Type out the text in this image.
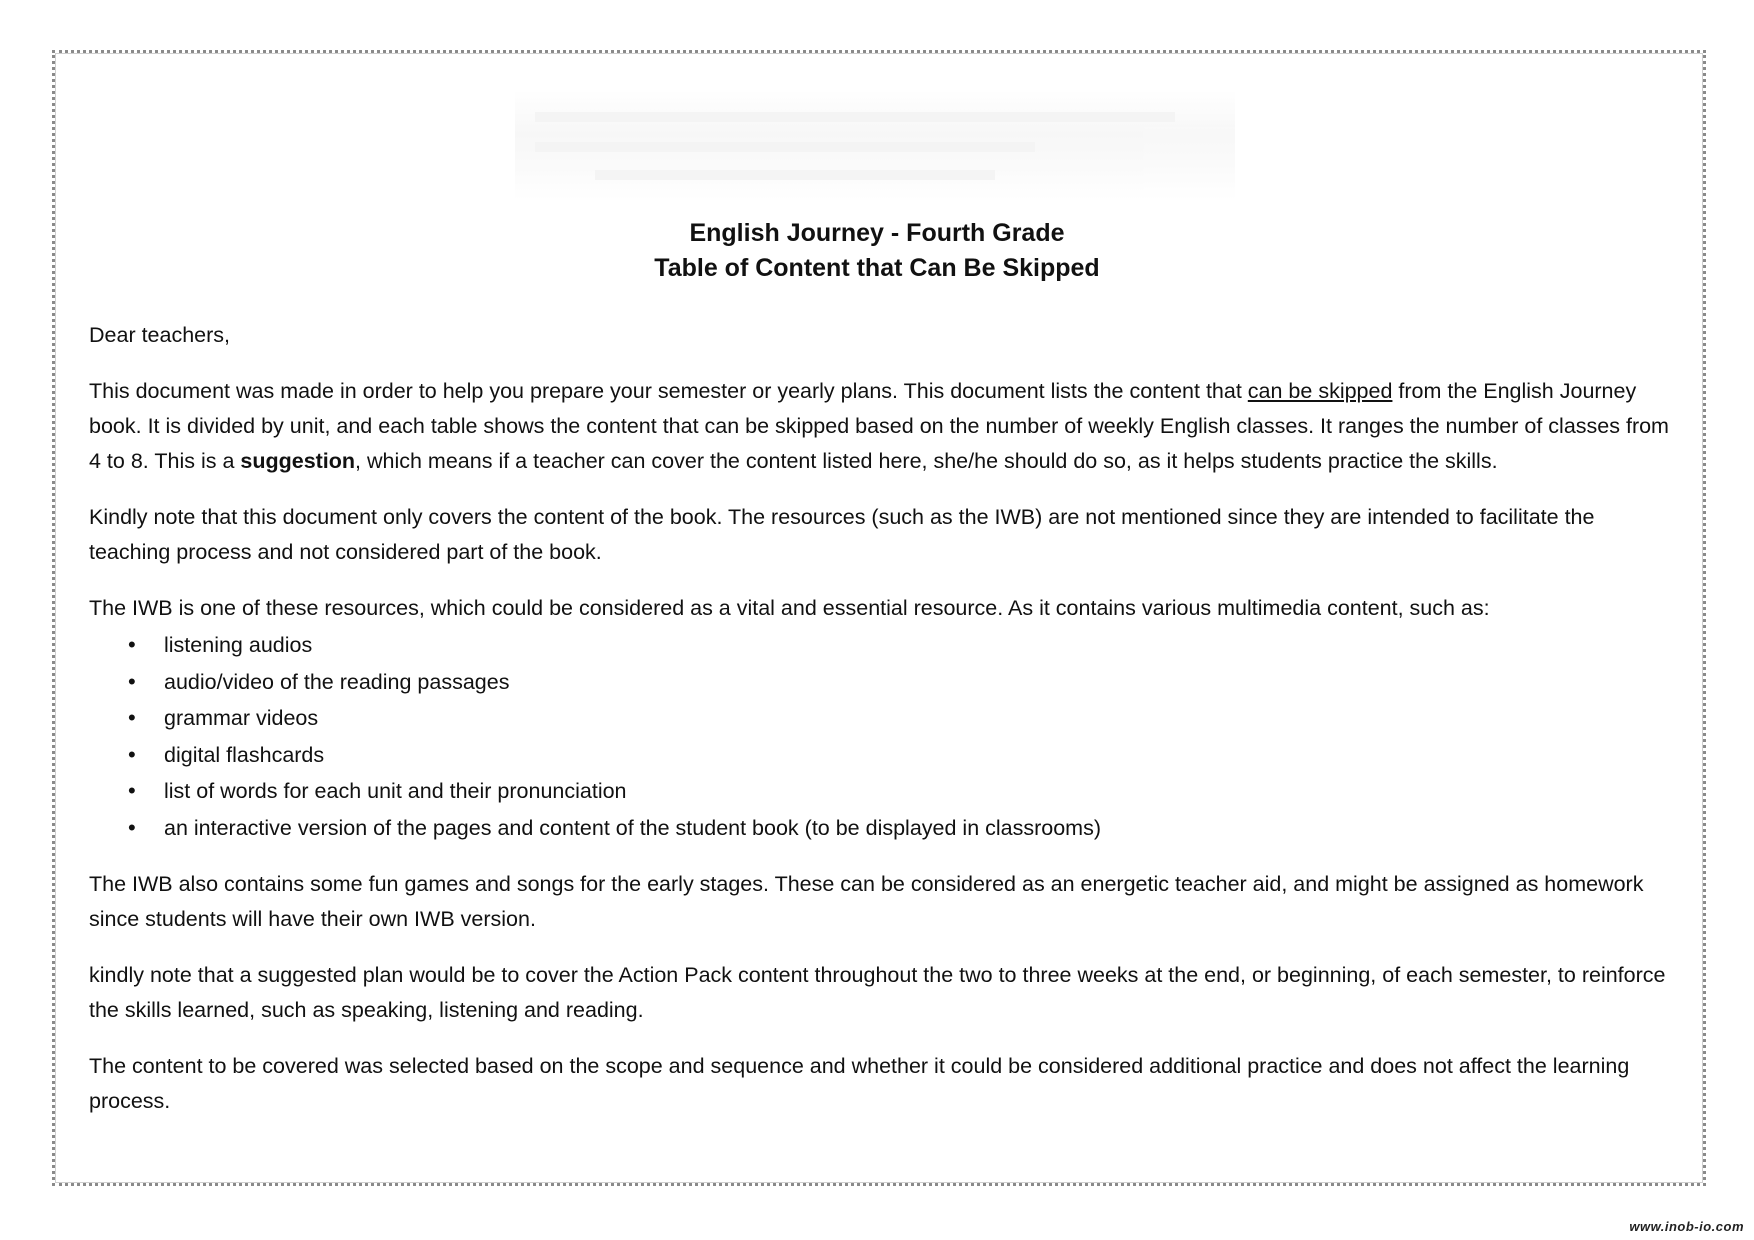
English Journey - Fourth Grade

Table of Content that Can Be Skipped

Dear teachers,

This document was made in order to help you prepare your semester or yearly plans. This document lists the content that can be skipped from the English Journey book. It is divided by unit, and each table shows the content that can be skipped based on the number of weekly English classes. It ranges the number of classes from 4 to 8. This is a suggestion, which means if a teacher can cover the content listed here, she/he should do so, as it helps students practice the skills.

Kindly note that this document only covers the content of the book. The resources (such as the IWB) are not mentioned since they are intended to facilitate the teaching process and not considered part of the book.

The IWB is one of these resources, which could be considered as a vital and essential resource. As it contains various multimedia content, such as:

• listening audios
• audio/video of the reading passages
• grammar videos
• digital flashcards
• list of words for each unit and their pronunciation
• an interactive version of the pages and content of the student book (to be displayed in classrooms)

The IWB also contains some fun games and songs for the early stages. These can be considered as an energetic teacher aid, and might be assigned as homework since students will have their own IWB version.

kindly note that a suggested plan would be to cover the Action Pack content throughout the two to three weeks at the end, or beginning, of each semester, to reinforce the skills learned, such as speaking, listening and reading.

The content to be covered was selected based on the scope and sequence and whether it could be considered additional practice and does not affect the learning process.

www.inob-io.com
